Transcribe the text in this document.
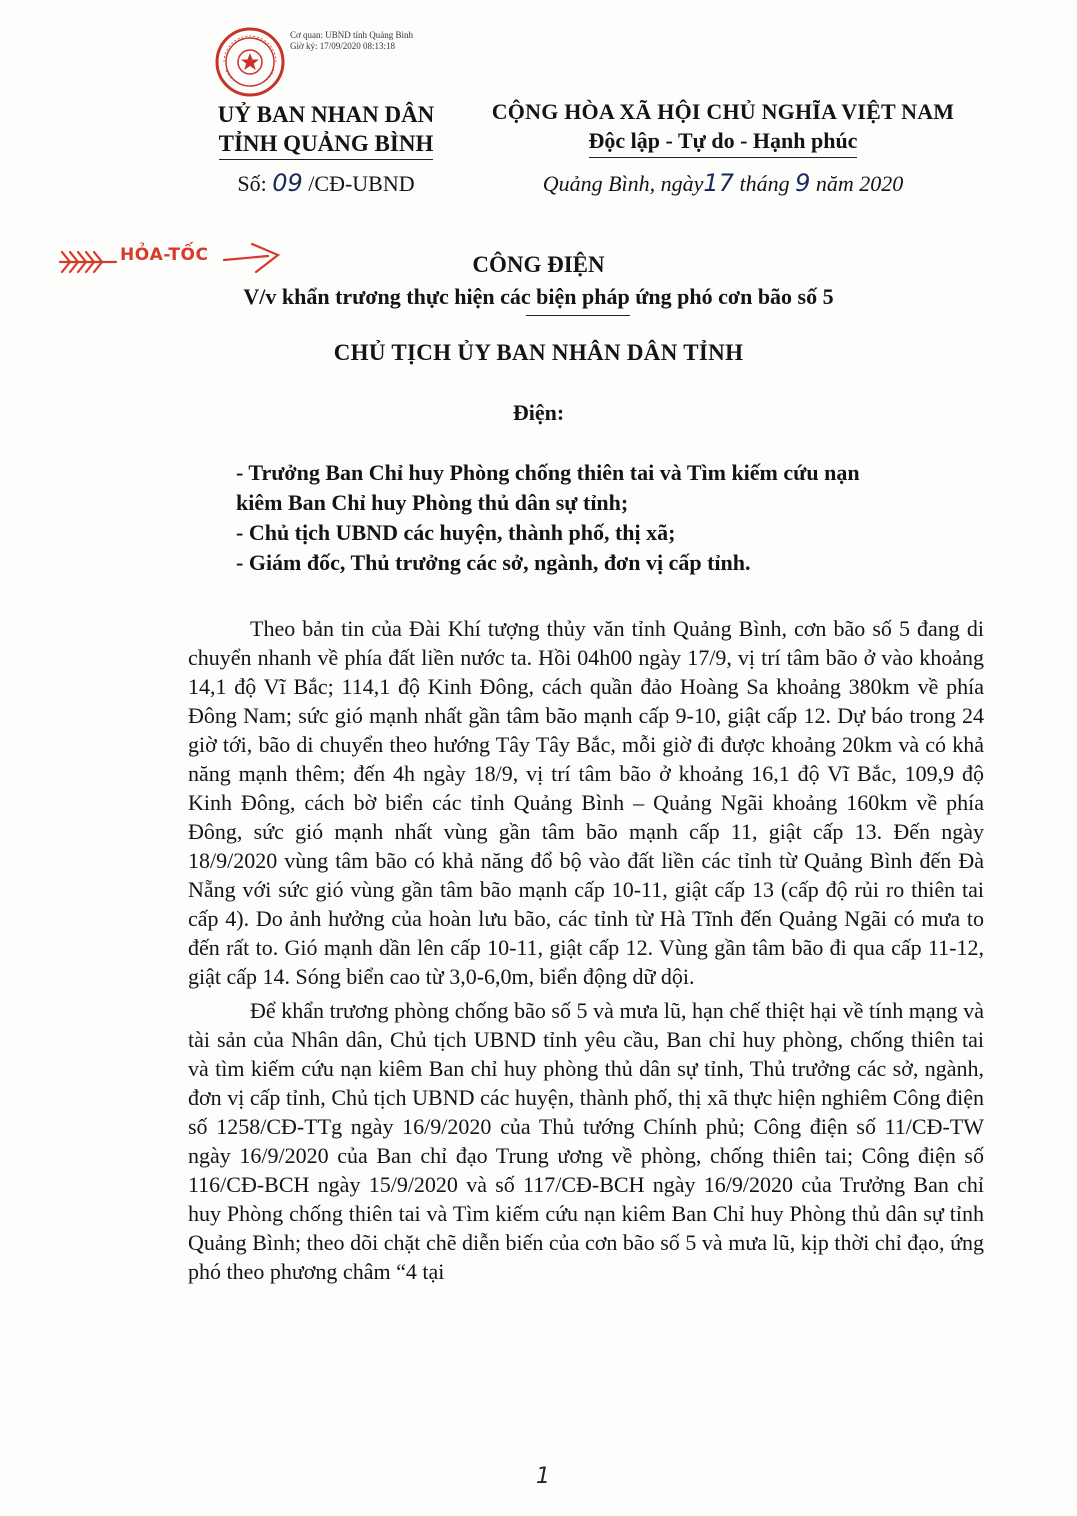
Cơ quan: UBND tỉnh Quảng Bình
Giờ ký: 17/09/2020 08:13:18
UỶ BAN NHAN DÂN
TỈNH QUẢNG BÌNH
Số: 09 /CĐ-UBND
CỘNG HÒA XÃ HỘI CHỦ NGHĨA VIỆT NAM
Độc lập - Tự do - Hạnh phúc
Quảng Bình, ngày17 tháng 9 năm 2020
HỎA-TỐC	CÔNG ĐIỆN
V/v khẩn trương thực hiện các biện pháp ứng phó cơn bão số 5
CHỦ TỊCH ỦY BAN NHÂN DÂN TỈNH
Điện:
- Trưởng Ban Chỉ huy Phòng chống thiên tai và Tìm kiếm cứu nạn
kiêm Ban Chỉ huy Phòng thủ dân sự tỉnh;
- Chủ tịch UBND các huyện, thành phố, thị xã;
- Giám đốc, Thủ trưởng các sở, ngành, đơn vị cấp tỉnh.

Theo bản tin của Đài Khí tượng thủy văn tỉnh Quảng Bình, cơn bão số 5 đang di chuyển nhanh về phía đất liền nước ta. Hồi 04h00 ngày 17/9, vị trí tâm bão ở vào khoảng 14,1 độ Vĩ Bắc; 114,1 độ Kinh Đông, cách quần đảo Hoàng Sa khoảng 380km về phía Đông Nam; sức gió mạnh nhất gần tâm bão mạnh cấp 9-10, giật cấp 12. Dự báo trong 24 giờ tới, bão di chuyển theo hướng Tây Tây Bắc, mỗi giờ đi được khoảng 20km và có khả năng mạnh thêm; đến 4h ngày 18/9, vị trí tâm bão ở khoảng 16,1 độ Vĩ Bắc, 109,9 độ Kinh Đông, cách bờ biển các tỉnh Quảng Bình – Quảng Ngãi khoảng 160km về phía Đông, sức gió mạnh nhất vùng gần tâm bão mạnh cấp 11, giật cấp 13. Đến ngày 18/9/2020 vùng tâm bão có khả năng đổ bộ vào đất liền các tỉnh từ Quảng Bình đến Đà Nẵng với sức gió vùng gần tâm bão mạnh cấp 10-11, giật cấp 13 (cấp độ rủi ro thiên tai cấp 4). Do ảnh hưởng của hoàn lưu bão, các tỉnh từ Hà Tĩnh đến Quảng Ngãi có mưa to đến rất to. Gió mạnh dần lên cấp 10-11, giật cấp 12. Vùng gần tâm bão đi qua cấp 11-12, giật cấp 14. Sóng biển cao từ 3,0-6,0m, biển động dữ dội.

Để khẩn trương phòng chống bão số 5 và mưa lũ, hạn chế thiệt hại về tính mạng và tài sản của Nhân dân, Chủ tịch UBND tỉnh yêu cầu, Ban chỉ huy phòng, chống thiên tai và tìm kiếm cứu nạn kiêm Ban chỉ huy phòng thủ dân sự tỉnh, Thủ trưởng các sở, ngành, đơn vị cấp tỉnh, Chủ tịch UBND các huyện, thành phố, thị xã thực hiện nghiêm Công điện số 1258/CĐ-TTg ngày 16/9/2020 của Thủ tướng Chính phủ; Công điện số 11/CĐ-TW ngày 16/9/2020 của Ban chỉ đạo Trung ương về phòng, chống thiên tai; Công điện số 116/CĐ-BCH ngày 15/9/2020 và số 117/CĐ-BCH ngày 16/9/2020 của Trưởng Ban chỉ huy Phòng chống thiên tai và Tìm kiếm cứu nạn kiêm Ban Chỉ huy Phòng thủ dân sự tỉnh Quảng Bình; theo dõi chặt chẽ diễn biến của cơn bão số 5 và mưa lũ, kịp thời chỉ đạo, ứng phó theo phương châm “4 tại

1
